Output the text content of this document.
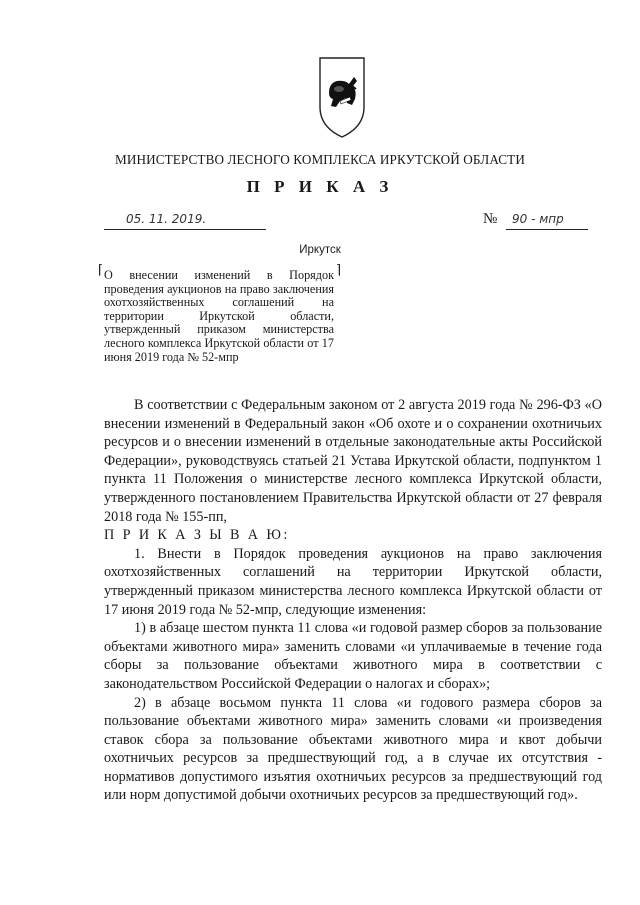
МИНИСТЕРСТВО ЛЕСНОГО КОМПЛЕКСА ИРКУТСКОЙ ОБЛАСТИ
П Р И К А З
05. 11. 2019.	№ 90 - мпр
Иркутск
⌈	⌉
О внесении изменений в Порядок проведения аукционов на право заключения охотхозяйственных соглашений на территории Иркутской области, утвержденный приказом министерства лесного комплекса Иркутской области от 17 июня 2019 года № 52-мпр

В соответствии с Федеральным законом от 2 августа 2019 года № 296-ФЗ «О внесении изменений в Федеральный закон «Об охоте и о сохранении охотничьих ресурсов и о внесении изменений в отдельные законодательные акты Российской Федерации», руководствуясь статьей 21 Устава Иркутской области, подпунктом 1 пункта 11 Положения о министерстве лесного комплекса Иркутской области, утвержденного постановлением Правительства Иркутской области от 27 февраля 2018 года № 155-пп,

П Р И К А З Ы В А Ю:

1. Внести в Порядок проведения аукционов на право заключения охотхозяйственных соглашений на территории Иркутской области, утвержденный приказом министерства лесного комплекса Иркутской области от 17 июня 2019 года № 52-мпр, следующие изменения:

1) в абзаце шестом пункта 11 слова «и годовой размер сборов за пользование объектами животного мира» заменить словами «и уплачиваемые в течение года сборы за пользование объектами животного мира в соответствии с законодательством Российской Федерации о налогах и сборах»;

2) в абзаце восьмом пункта 11 слова «и годового размера сборов за пользование объектами животного мира» заменить словами «и произведения ставок сбора за пользование объектами животного мира и квот добычи охотничьих ресурсов за предшествующий год, а в случае их отсутствия - нормативов допустимого изъятия охотничьих ресурсов за предшествующий год или норм допустимой добычи охотничьих ресурсов за предшествующий год».
